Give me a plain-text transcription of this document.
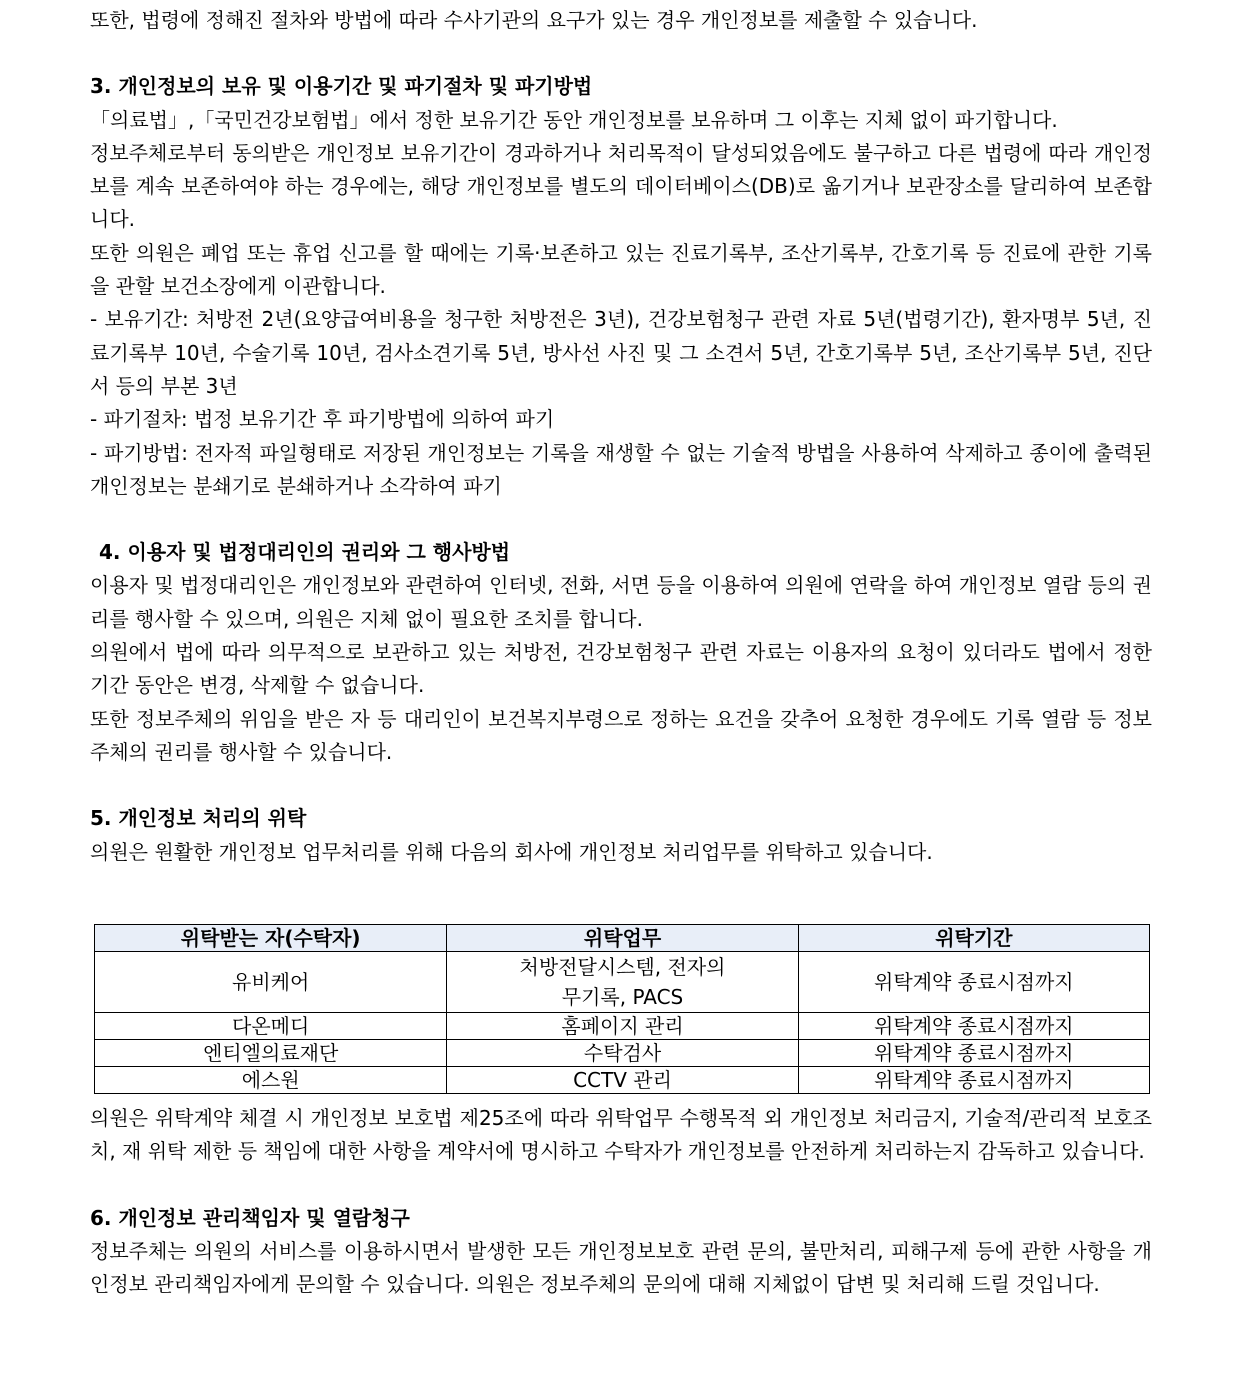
또한, 법령에 정해진 절차와 방법에 따라 수사기관의 요구가 있는 경우 개인정보를 제출할 수 있습니다.

3. 개인정보의 보유 및 이용기간 및 파기절차 및 파기방법

「의료법」,「국민건강보험법」에서 정한 보유기간 동안 개인정보를 보유하며 그 이후는 지체 없이 파기합니다.

정보주체로부터 동의받은 개인정보 보유기간이 경과하거나 처리목적이 달성되었음에도 불구하고 다른 법령에 따라 개인정보를 계속 보존하여야 하는 경우에는, 해당 개인정보를 별도의 데이터베이스(DB)로 옮기거나 보관장소를 달리하여 보존합니다.

또한 의원은 폐업 또는 휴업 신고를 할 때에는 기록·보존하고 있는 진료기록부, 조산기록부, 간호기록 등 진료에 관한 기록을 관할 보건소장에게 이관합니다.

- 보유기간: 처방전 2년(요양급여비용을 청구한 처방전은 3년), 건강보험청구 관련 자료 5년(법령기간), 환자명부 5년, 진료기록부 10년, 수술기록 10년, 검사소견기록 5년, 방사선 사진 및 그 소견서 5년, 간호기록부 5년, 조산기록부 5년, 진단서 등의 부본 3년

- 파기절차: 법정 보유기간 후 파기방법에 의하여 파기

- 파기방법: 전자적 파일형태로 저장된 개인정보는 기록을 재생할 수 없는 기술적 방법을 사용하여 삭제하고 종이에 출력된 개인정보는 분쇄기로 분쇄하거나 소각하여 파기

4. 이용자 및 법정대리인의 권리와 그 행사방법

이용자 및 법정대리인은 개인정보와 관련하여 인터넷, 전화, 서면 등을 이용하여 의원에 연락을 하여 개인정보 열람 등의 권리를 행사할 수 있으며, 의원은 지체 없이 필요한 조치를 합니다.

의원에서 법에 따라 의무적으로 보관하고 있는 처방전, 건강보험청구 관련 자료는 이용자의 요청이 있더라도 법에서 정한 기간 동안은 변경, 삭제할 수 없습니다.

또한 정보주체의 위임을 받은 자 등 대리인이 보건복지부령으로 정하는 요건을 갖추어 요청한 경우에도 기록 열람 등 정보주체의 권리를 행사할 수 있습니다.

5. 개인정보 처리의 위탁

의원은 원활한 개인정보 업무처리를 위해 다음의 회사에 개인정보 처리업무를 위탁하고 있습니다.

위탁받는 자(수탁자)	위탁업무	위탁기간
유비케어	처방전달시스템, 전자의무기록, PACS	위탁계약 종료시점까지
다온메디	홈페이지 관리	위탁계약 종료시점까지
엔티엘의료재단	수탁검사	위탁계약 종료시점까지
에스원	CCTV 관리	위탁계약 종료시점까지

의원은 위탁계약 체결 시 개인정보 보호법 제25조에 따라 위탁업무 수행목적 외 개인정보 처리금지, 기술적/관리적 보호조치, 재 위탁 제한 등 책임에 대한 사항을 계약서에 명시하고 수탁자가 개인정보를 안전하게 처리하는지 감독하고 있습니다.

6. 개인정보 관리책임자 및 열람청구

정보주체는 의원의 서비스를 이용하시면서 발생한 모든 개인정보보호 관련 문의, 불만처리, 피해구제 등에 관한 사항을 개인정보 관리책임자에게 문의할 수 있습니다. 의원은 정보주체의 문의에 대해 지체없이 답변 및 처리해 드릴 것입니다.
